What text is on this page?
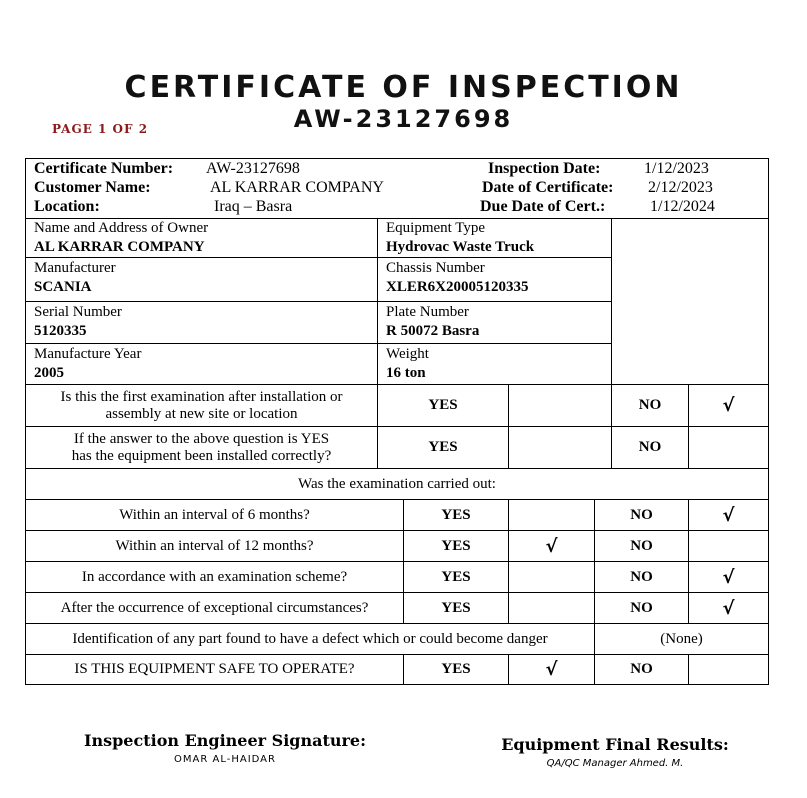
CERTIFICATE OF INSPECTION
AW-23127698
PAGE 1 OF 2
Certificate Number: AW-23127698
Customer Name:	AL KARRAR COMPANY
Location:	Iraq – Basra
Inspection Date:	1/12/2023
Date of Certificate: 2/12/2023
Due Date of Cert.:	1/12/2024
Name and Address of Owner
AL KARRAR COMPANY
Equipment Type
Hydrovac Waste Truck
Manufacturer
SCANIA
Chassis Number
XLER6X20005120335
Serial Number
5120335
Plate Number
R 50072 Basra
Manufacture Year
2005
Weight
16 ton
Is this the first examination after installation or
assembly at new site or location
YES	NO	√
If the answer to the above question is YES
has the equipment been installed correctly?
YES	NO
Was the examination carried out:
Within an interval of 6 months?	YES	NO	√
Within an interval of 12 months?	YES	√	NO
In accordance with an examination scheme?	YES	NO	√
After the occurrence of exceptional circumstances?	YES	NO	√
Identification of any part found to have a defect which or could become danger	(None)
IS THIS EQUIPMENT SAFE TO OPERATE?	YES	√	NO
Inspection Engineer Signature:
OMAR AL-HAIDAR
Equipment Final Results:
QA/QC Manager Ahmed. M.
